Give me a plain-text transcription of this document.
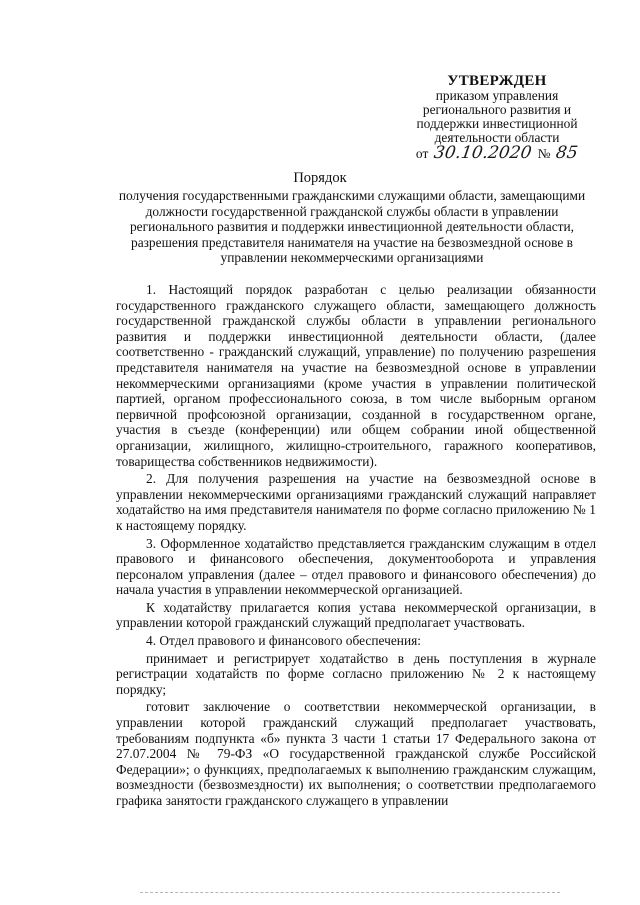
УТВЕРЖДЕН
приказом управления
регионального развития и
поддержки инвестиционной
деятельности области
от 30.10.2020 № 85
Порядок

получения государственными гражданскими служащими области, замещающими должности государственной гражданской службы области в управлении регионального развития и поддержки инвестиционной деятельности области, разрешения представителя нанимателя на участие на безвозмездной основе в управлении некоммерческими организациями

1. Настоящий порядок разработан с целью реализации обязанности государственного гражданского служащего области, замещающего должность государственной гражданской службы области в управлении регионального развития и поддержки инвестиционной деятельности области, (далее соответственно - гражданский служащий, управление) по получению разрешения представителя нанимателя на участие на безвозмездной основе в управлении некоммерческими организациями (кроме участия в управлении политической партией, органом профессионального союза, в том числе выборным органом первичной профсоюзной организации, созданной в государственном органе, участия в съезде (конференции) или общем собрании иной общественной организации, жилищного, жилищно-строительного, гаражного кооперативов, товарищества собственников недвижимости).

2. Для получения разрешения на участие на безвозмездной основе в управлении некоммерческими организациями гражданский служащий направляет ходатайство на имя представителя нанимателя по форме согласно приложению № 1 к настоящему порядку.

3. Оформленное ходатайство представляется гражданским служащим в отдел правового и финансового обеспечения, документооборота и управления персоналом управления (далее – отдел правового и финансового обеспечения) до начала участия в управлении некоммерческой организацией.

К ходатайству прилагается копия устава некоммерческой организации, в управлении которой гражданский служащий предполагает участвовать.

4. Отдел правового и финансового обеспечения:

принимает и регистрирует ходатайство в день поступления в журнале регистрации ходатайств по форме согласно приложению № 2 к настоящему порядку;

готовит заключение о соответствии некоммерческой организации, в управлении которой гражданский служащий предполагает участвовать, требованиям подпункта «б» пункта 3 части 1 статьи 17 Федерального закона от 27.07.2004 № 79-ФЗ «О государственной гражданской службе Российской Федерации»; о функциях, предполагаемых к выполнению гражданским служащим, возмездности (безвозмездности) их выполнения; о соответствии предполагаемого графика занятости гражданского служащего в управлении
